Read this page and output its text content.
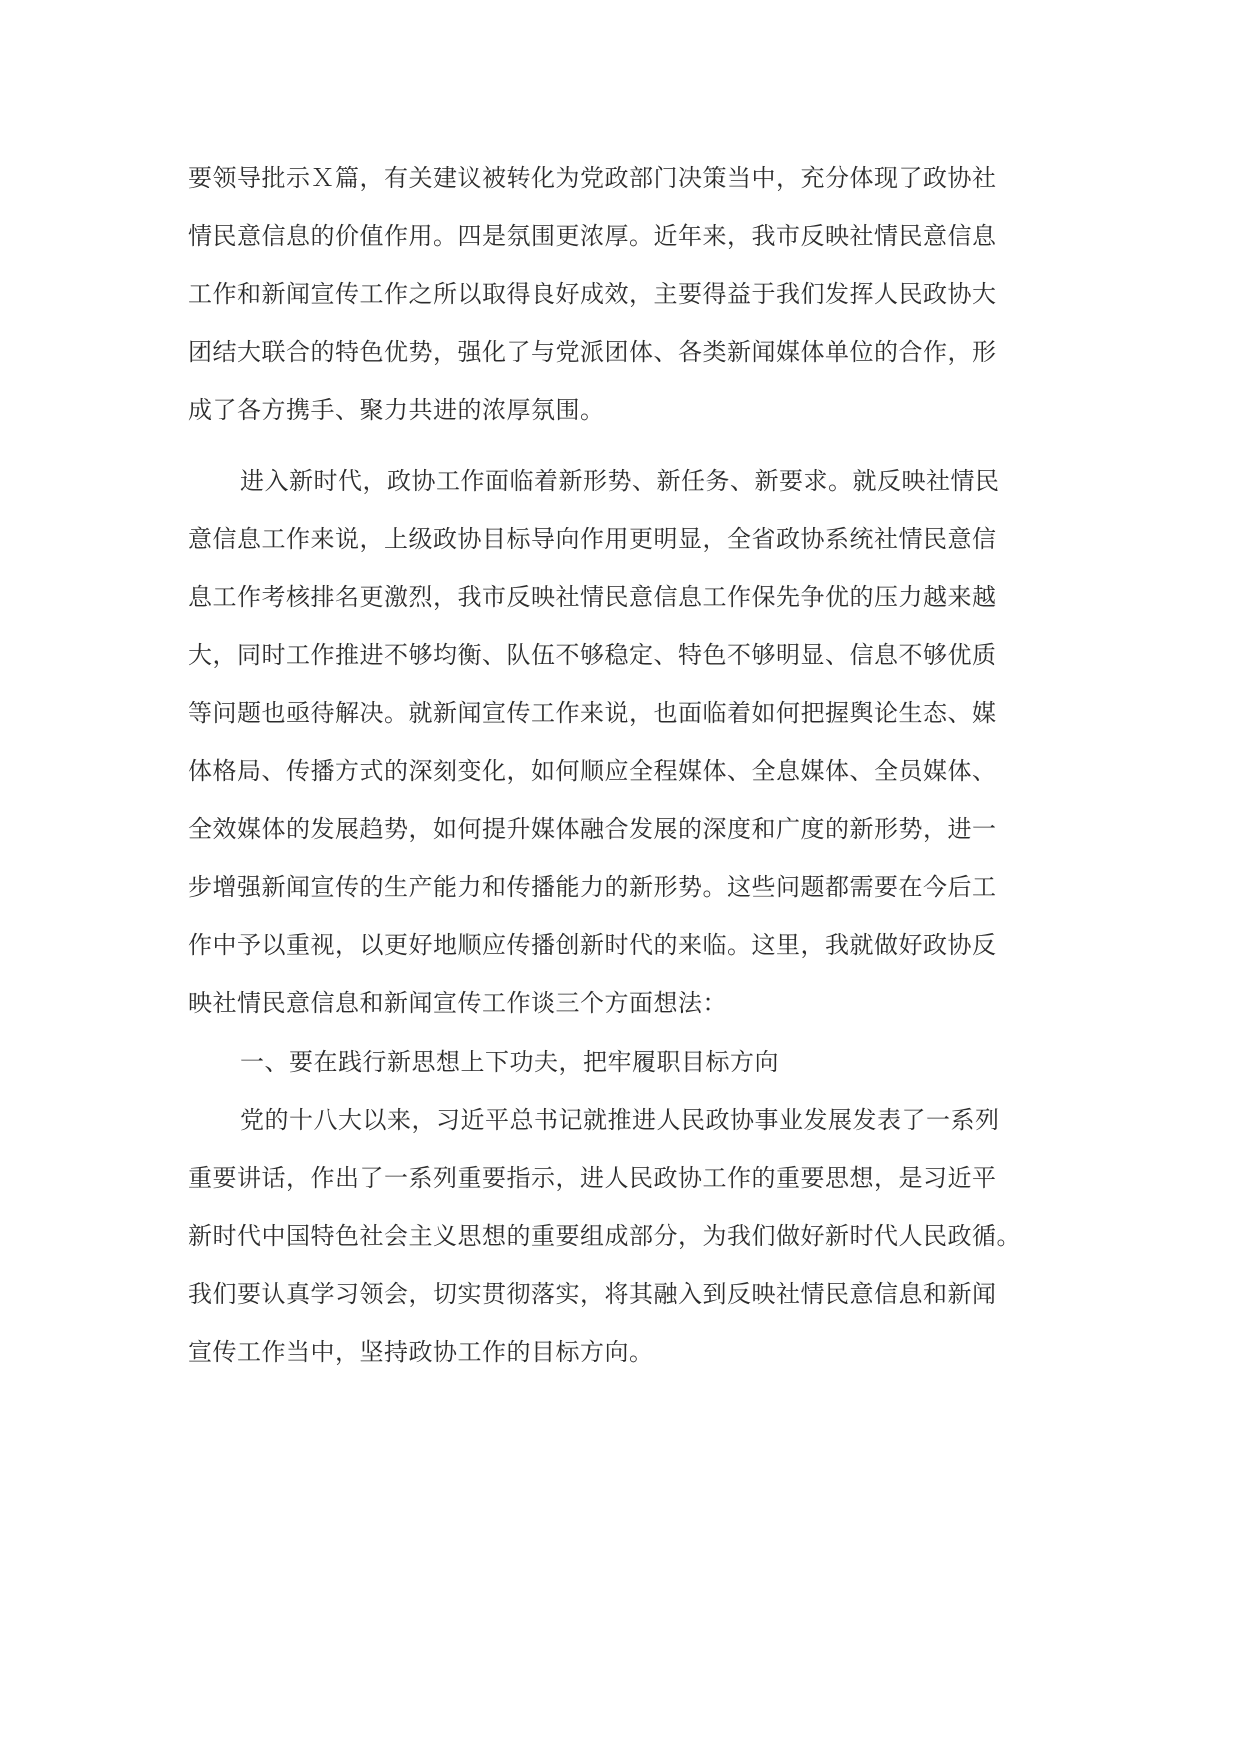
要领导批示Ｘ篇，有关建议被转化为党政部门决策当中，充分体现了政协社
情民意信息的价值作用。四是氛围更浓厚。近年来，我市反映社情民意信息
工作和新闻宣传工作之所以取得良好成效，主要得益于我们发挥人民政协大
团结大联合的特色优势，强化了与党派团体、各类新闻媒体单位的合作，形
成了各方携手、聚力共进的浓厚氛围。
进入新时代，政协工作面临着新形势、新任务、新要求。就反映社情民
意信息工作来说，上级政协目标导向作用更明显，全省政协系统社情民意信
息工作考核排名更激烈，我市反映社情民意信息工作保先争优的压力越来越
大，同时工作推进不够均衡、队伍不够稳定、特色不够明显、信息不够优质
等问题也亟待解决。就新闻宣传工作来说，也面临着如何把握舆论生态、媒
体格局、传播方式的深刻变化，如何顺应全程媒体、全息媒体、全员媒体、
全效媒体的发展趋势，如何提升媒体融合发展的深度和广度的新形势，进一
步增强新闻宣传的生产能力和传播能力的新形势。这些问题都需要在今后工
作中予以重视，以更好地顺应传播创新时代的来临。这里，我就做好政协反
映社情民意信息和新闻宣传工作谈三个方面想法：
一、要在践行新思想上下功夫，把牢履职目标方向
党的十八大以来，习近平总书记就推进人民政协事业发展发表了一系列
重要讲话，作出了一系列重要指示，进人民政协工作的重要思想，是习近平
新时代中国特色社会主义思想的重要组成部分，为我们做好新时代人民政循。
我们要认真学习领会，切实贯彻落实，将其融入到反映社情民意信息和新闻
宣传工作当中，坚持政协工作的目标方向。
